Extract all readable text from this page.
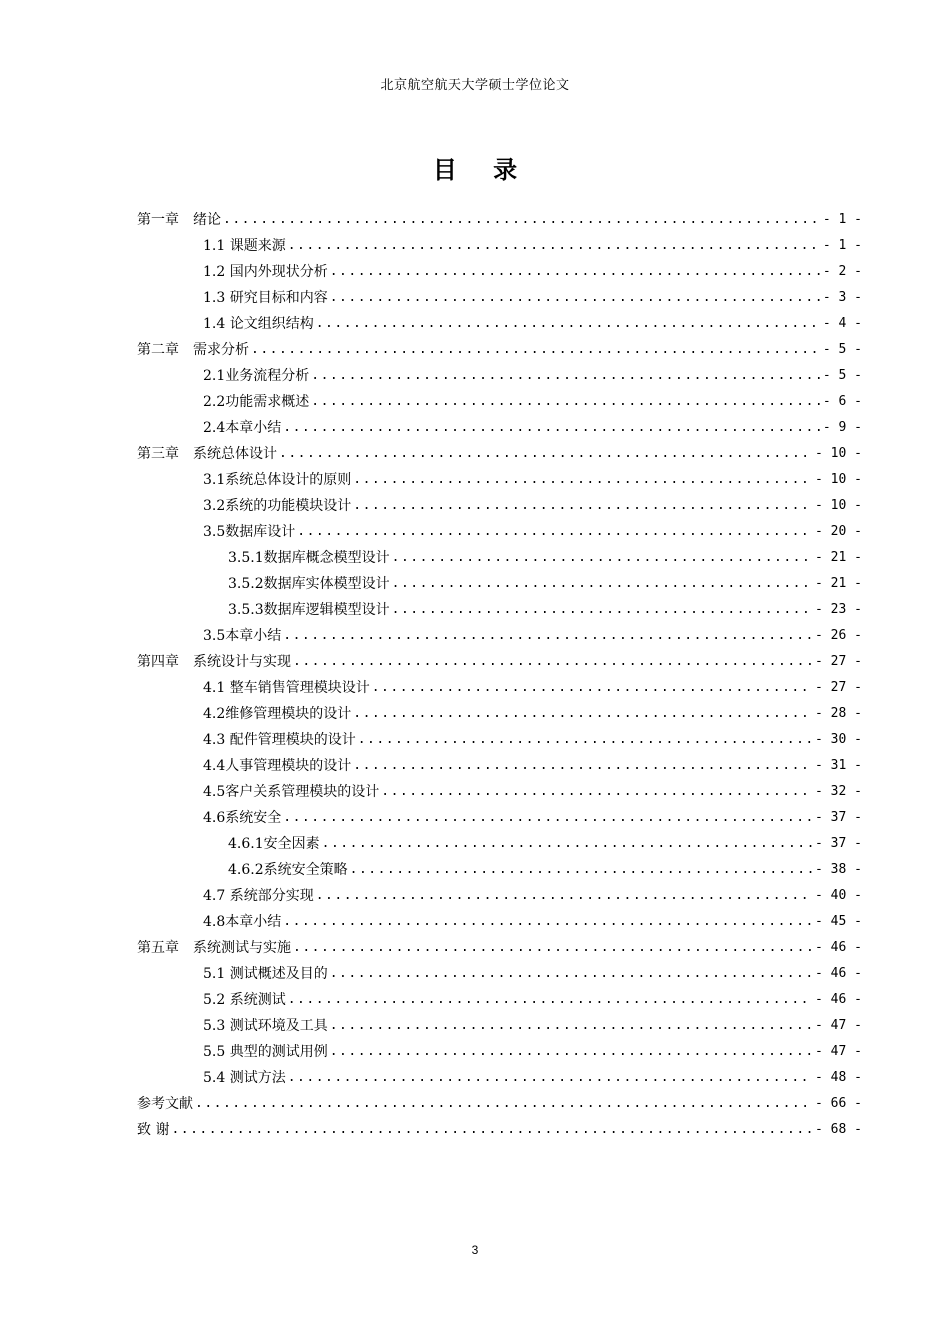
北京航空航天大学硕士学位论文
目 录
第一章　绪论 .....	- 1 -
1.1 课题来源 .....	- 1 -
1.2 国内外现状分析 .....	- 2 -
1.3 研究目标和内容 .....	- 3 -
1.4 论文组织结构 .....	- 4 -
第二章　需求分析 .....	- 5 -
2.1业务流程分析 .....	- 5 -
2.2功能需求概述 .....	- 6 -
2.4本章小结 .....	- 9 -
第三章　系统总体设计 .....	- 10 -
3.1系统总体设计的原则 .....	- 10 -
3.2系统的功能模块设计 .....	- 10 -
3.5数据库设计 .....	- 20 -
3.5.1数据库概念模型设计 .....	- 21 -
3.5.2数据库实体模型设计 .....	- 21 -
3.5.3数据库逻辑模型设计 .....	- 23 -
3.5本章小结 .....	- 26 -
第四章　系统设计与实现 .....	- 27 -
4.1 整车销售管理模块设计 .....	- 27 -
4.2维修管理模块的设计 .....	- 28 -
4.3 配件管理模块的设计 .....	- 30 -
4.4人事管理模块的设计 .....	- 31 -
4.5客户关系管理模块的设计 .....	- 32 -
4.6系统安全 .....	- 37 -
4.6.1安全因素 .....	- 37 -
4.6.2系统安全策略 .....	- 38 -
4.7 系统部分实现 .....	- 40 -
4.8本章小结 .....	- 45 -
第五章　系统测试与实施 .....	- 46 -
5.1 测试概述及目的 .....	- 46 -
5.2 系统测试 .....	- 46 -
5.3 测试环境及工具 .....	- 47 -
5.5 典型的测试用例 .....	- 47 -
5.4 测试方法 .....	- 48 -
参考文献 .....	- 66 -
致 谢 .....	- 68 -
3
